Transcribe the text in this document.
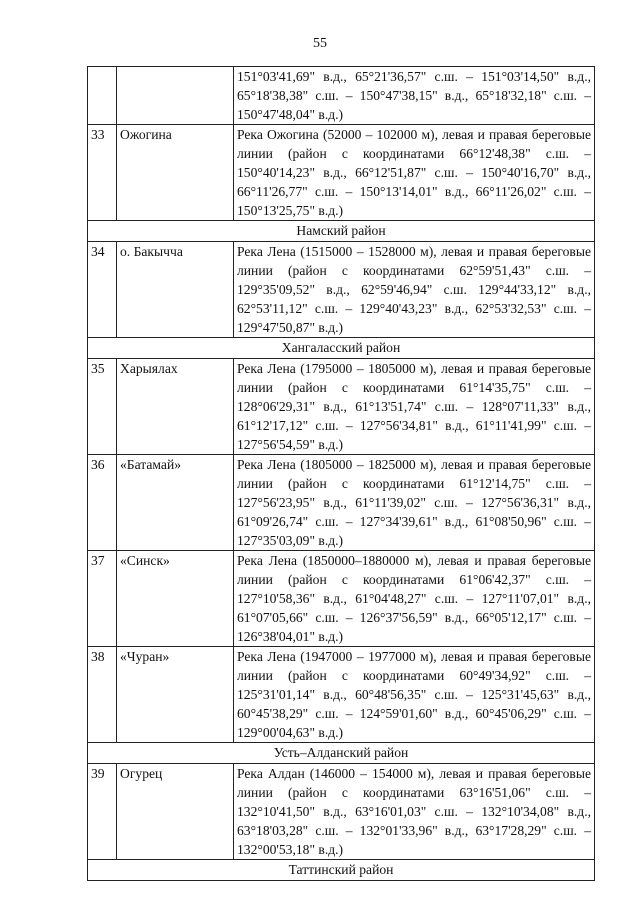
55
		151°03'41,69" в.д., 65°21'36,57" с.ш. – 151°03'14,50" в.д., 65°18'38,38" с.ш. – 150°47'38,15" в.д., 65°18'32,18" с.ш. – 150°47'48,04" в.д.)
33	Ожогина	Река Ожогина (52000 – 102000 м), левая и правая береговые линии (район с координатами 66°12'48,38" с.ш. – 150°40'14,23" в.д., 66°12'51,87" с.ш. – 150°40'16,70" в.д., 66°11'26,77" с.ш. – 150°13'14,01" в.д., 66°11'26,02" с.ш. – 150°13'25,75" в.д.)
Намский район		
34	о. Бакычча	Река Лена (1515000 – 1528000 м), левая и правая береговые линии (район с координатами 62°59'51,43" с.ш. – 129°35'09,52" в.д., 62°59'46,94" с.ш. 129°44'33,12" в.д., 62°53'11,12" с.ш. – 129°40'43,23" в.д., 62°53'32,53" с.ш. – 129°47'50,87" в.д.)
Хангаласский район		
35	Харыялах	Река Лена (1795000 – 1805000 м), левая и правая береговые линии (район с координатами 61°14'35,75" с.ш. – 128°06'29,31" в.д., 61°13'51,74" с.ш. – 128°07'11,33" в.д., 61°12'17,12" с.ш. – 127°56'34,81" в.д., 61°11'41,99" с.ш. – 127°56'54,59" в.д.)
36	«Батамай»	Река Лена (1805000 – 1825000 м), левая и правая береговые линии (район с координатами 61°12'14,75" с.ш. – 127°56'23,95" в.д., 61°11'39,02" с.ш. – 127°56'36,31" в.д., 61°09'26,74" с.ш. – 127°34'39,61" в.д., 61°08'50,96" с.ш. – 127°35'03,09" в.д.)
37	«Синск»	Река Лена (1850000–1880000 м), левая и правая береговые линии (район с координатами 61°06'42,37" с.ш. – 127°10'58,36" в.д., 61°04'48,27" с.ш. – 127°11'07,01" в.д., 61°07'05,66" с.ш. – 126°37'56,59" в.д., 66°05'12,17" с.ш. – 126°38'04,01" в.д.)
38	«Чуран»	Река Лена (1947000 – 1977000 м), левая и правая береговые линии (район с координатами 60°49'34,92" с.ш. – 125°31'01,14" в.д., 60°48'56,35" с.ш. – 125°31'45,63" в.д., 60°45'38,29" с.ш. – 124°59'01,60" в.д., 60°45'06,29" с.ш. – 129°00'04,63" в.д.)
Усть–Алданский район		
39	Огурец	Река Алдан (146000 – 154000 м), левая и правая береговые линии (район с координатами 63°16'51,06" с.ш. – 132°10'41,50" в.д., 63°16'01,03" с.ш. – 132°10'34,08" в.д., 63°18'03,28" с.ш. – 132°01'33,96" в.д., 63°17'28,29" с.ш. – 132°00'53,18" в.д.)
Таттинский район		
